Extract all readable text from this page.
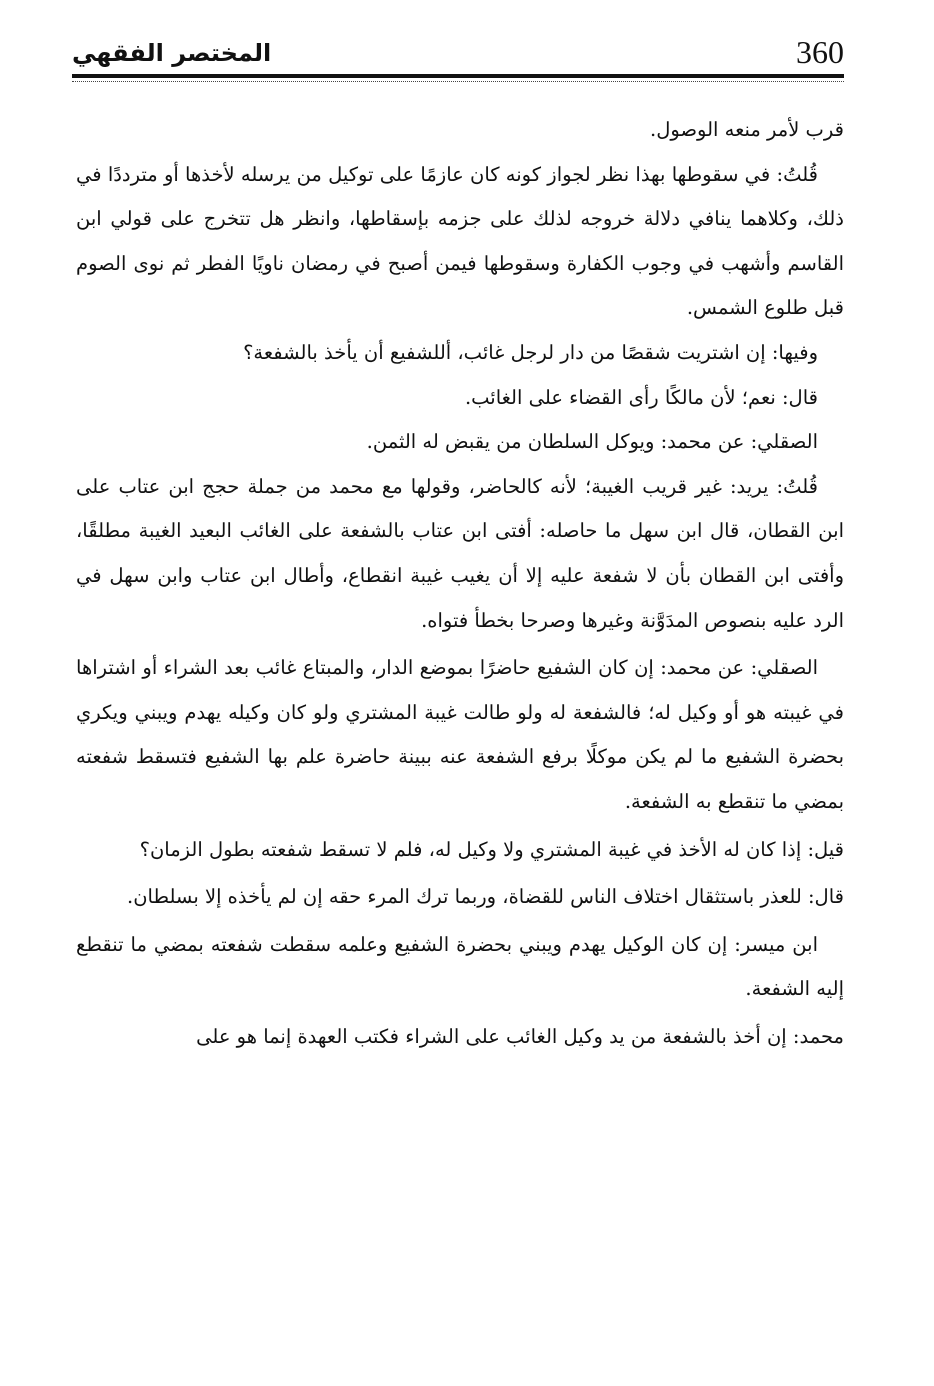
360
المختصر الفقهي

قرب لأمر منعه الوصول.

قُلتُ: في سقوطها بهذا نظر لجواز كونه كان عازمًا على توكيل من يرسله لأخذها أو مترددًا في ذلك، وكلاهما ينافي دلالة خروجه لذلك على جزمه بإسقاطها، وانظر هل تتخرج على قولي ابن القاسم وأشهب في وجوب الكفارة وسقوطها فيمن أصبح في رمضان ناويًا الفطر ثم نوى الصوم قبل طلوع الشمس.

وفيها: إن اشتريت شقصًا من دار لرجل غائب، أللشفيع أن يأخذ بالشفعة؟

قال: نعم؛ لأن مالكًا رأى القضاء على الغائب.

الصقلي: عن محمد: ويوكل السلطان من يقبض له الثمن.

قُلتُ: يريد: غير قريب الغيبة؛ لأنه كالحاضر، وقولها مع محمد من جملة حجج ابن عتاب على ابن القطان، قال ابن سهل ما حاصله: أفتى ابن عتاب بالشفعة على الغائب البعيد الغيبة مطلقًا، وأفتى ابن القطان بأن لا شفعة عليه إلا أن يغيب غيبة انقطاع، وأطال ابن عتاب وابن سهل في الرد عليه بنصوص المدَوَّنة وغيرها وصرحا بخطأ فتواه.

الصقلي: عن محمد: إن كان الشفيع حاضرًا بموضع الدار، والمبتاع غائب بعد الشراء أو اشتراها في غيبته هو أو وكيل له؛ فالشفعة له ولو طالت غيبة المشتري ولو كان وكيله يهدم ويبني ويكري بحضرة الشفيع ما لم يكن موكلًا برفع الشفعة عنه ببينة حاضرة علم بها الشفيع فتسقط شفعته بمضي ما تنقطع به الشفعة.

قيل: إذا كان له الأخذ في غيبة المشتري ولا وكيل له، فلم لا تسقط شفعته بطول الزمان؟

قال: للعذر باستثقال اختلاف الناس للقضاة، وربما ترك المرء حقه إن لم يأخذه إلا بسلطان.

ابن ميسر: إن كان الوكيل يهدم ويبني بحضرة الشفيع وعلمه سقطت شفعته بمضي ما تنقطع إليه الشفعة.

محمد: إن أخذ بالشفعة من يد وكيل الغائب على الشراء فكتب العهدة إنما هو على
